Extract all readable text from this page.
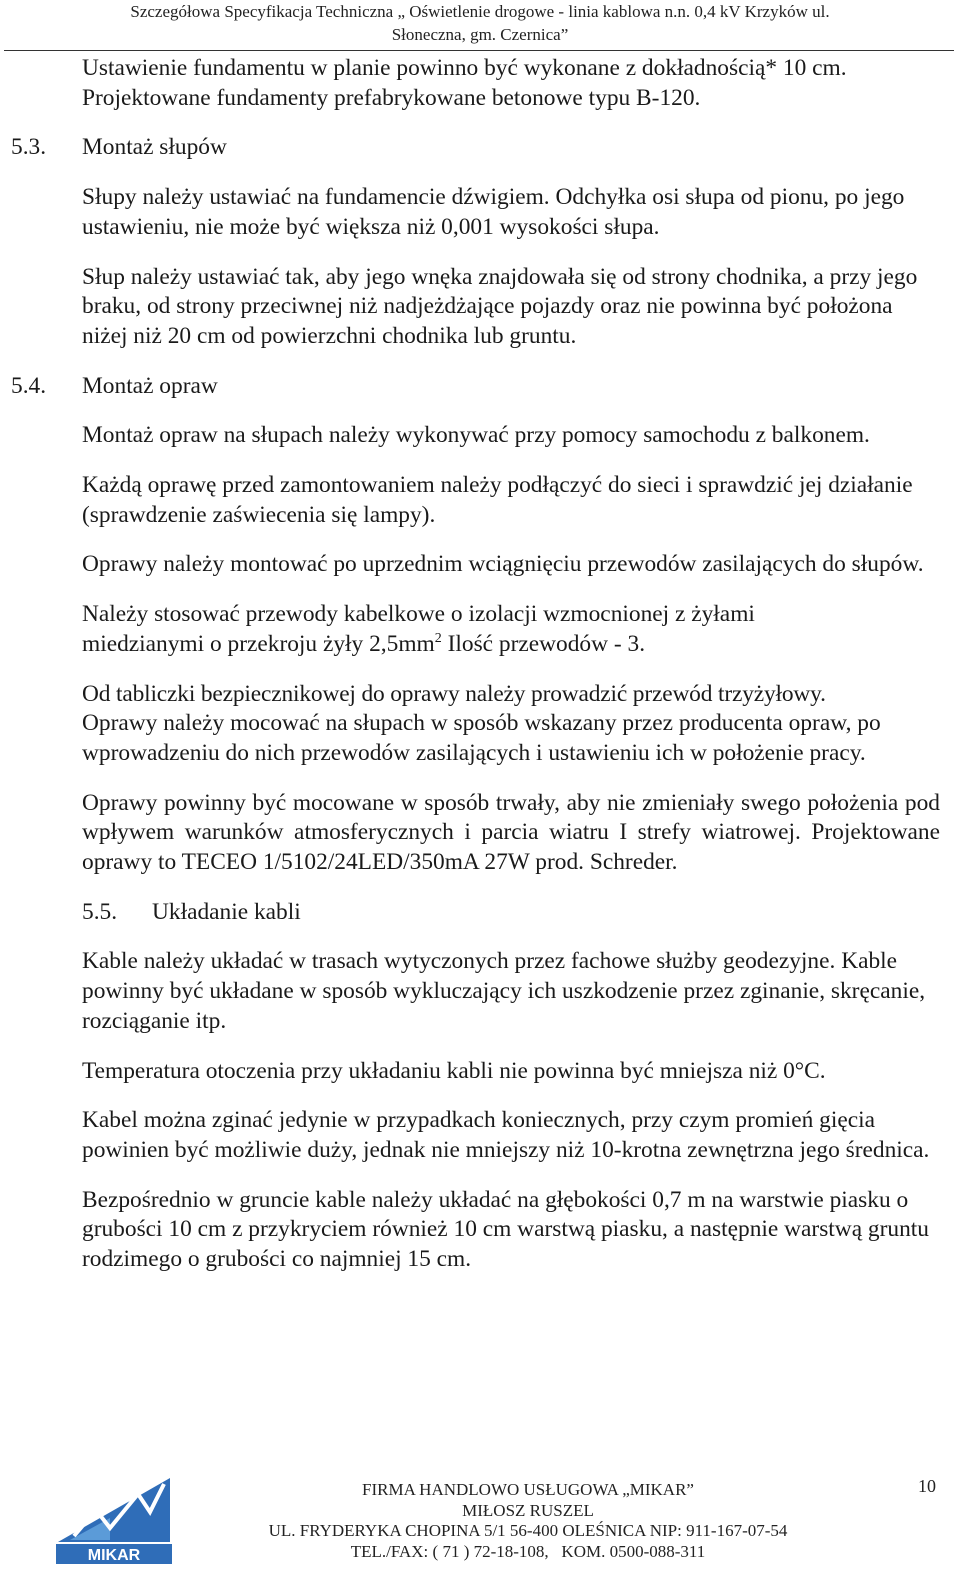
Szczegółowa Specyfikacja Techniczna „ Oświetlenie drogowe - linia kablowa n.n. 0,4 kV Krzyków ul.
Słoneczna, gm. Czernica”
Ustawienie fundamentu w planie powinno być wykonane z dokładnością* 10 cm. Projektowane fundamenty prefabrykowane betonowe typu B-120.
5.3. Montaż słupów
Słupy należy ustawiać na fundamencie dźwigiem. Odchyłka osi słupa od pionu, po jego ustawieniu, nie może być większa niż 0,001 wysokości słupa.
Słup należy ustawiać tak, aby jego wnęka znajdowała się od strony chodnika, a przy jego braku, od strony przeciwnej niż nadjeżdżające pojazdy oraz nie powinna być położona niżej niż 20 cm od powierzchni chodnika lub gruntu.
5.4. Montaż opraw
Montaż opraw na słupach należy wykonywać przy pomocy samochodu z balkonem.
Każdą oprawę przed zamontowaniem należy podłączyć do sieci i sprawdzić jej działanie (sprawdzenie zaświecenia się lampy).
Oprawy należy montować po uprzednim wciągnięciu przewodów zasilających do słupów.
Należy stosować przewody kabelkowe o izolacji wzmocnionej z żyłami
miedzianymi o przekroju żyły $2,5mm^2$ Ilość przewodów - 3.
Od tabliczki bezpiecznikowej do oprawy należy prowadzić przewód trzyżyłowy.
Oprawy należy mocować na słupach w sposób wskazany przez producenta opraw, po wprowadzeniu do nich przewodów zasilających i ustawieniu ich w położenie pracy.
Oprawy powinny być mocowane w sposób trwały, aby nie zmieniały swego położenia pod wpływem warunków atmosferycznych i parcia wiatru I strefy wiatrowej. Projektowane oprawy to TECEO 1/5102/24LED/350mA 27W prod. Schreder.
5.5. Układanie kabli
Kable należy układać w trasach wytyczonych przez fachowe służby geodezyjne. Kable powinny być układane w sposób wykluczający ich uszkodzenie przez zginanie, skręcanie, rozciąganie itp.
Temperatura otoczenia przy układaniu kabli nie powinna być mniejsza niż 0°C.
Kabel można zginać jedynie w przypadkach koniecznych, przy czym promień gięcia powinien być możliwie duży, jednak nie mniejszy niż 10-krotna zewnętrzna jego średnica.
Bezpośrednio w gruncie kable należy układać na głębokości 0,7 m na warstwie piasku o grubości 10 cm z przykryciem również 10 cm warstwą piasku, a następnie warstwą gruntu rodzimego o grubości co najmniej 15 cm.
MIKAR
FIRMA HANDLOWO USŁUGOWA „MIKAR”
MIŁOSZ RUSZEL
UL. FRYDERYKA CHOPINA 5/1 56-400 OLEŚNICA NIP: 911-167-07-54
TEL./FAX: ( 71 ) 72-18-108,   KOM. 0500-088-311
10
